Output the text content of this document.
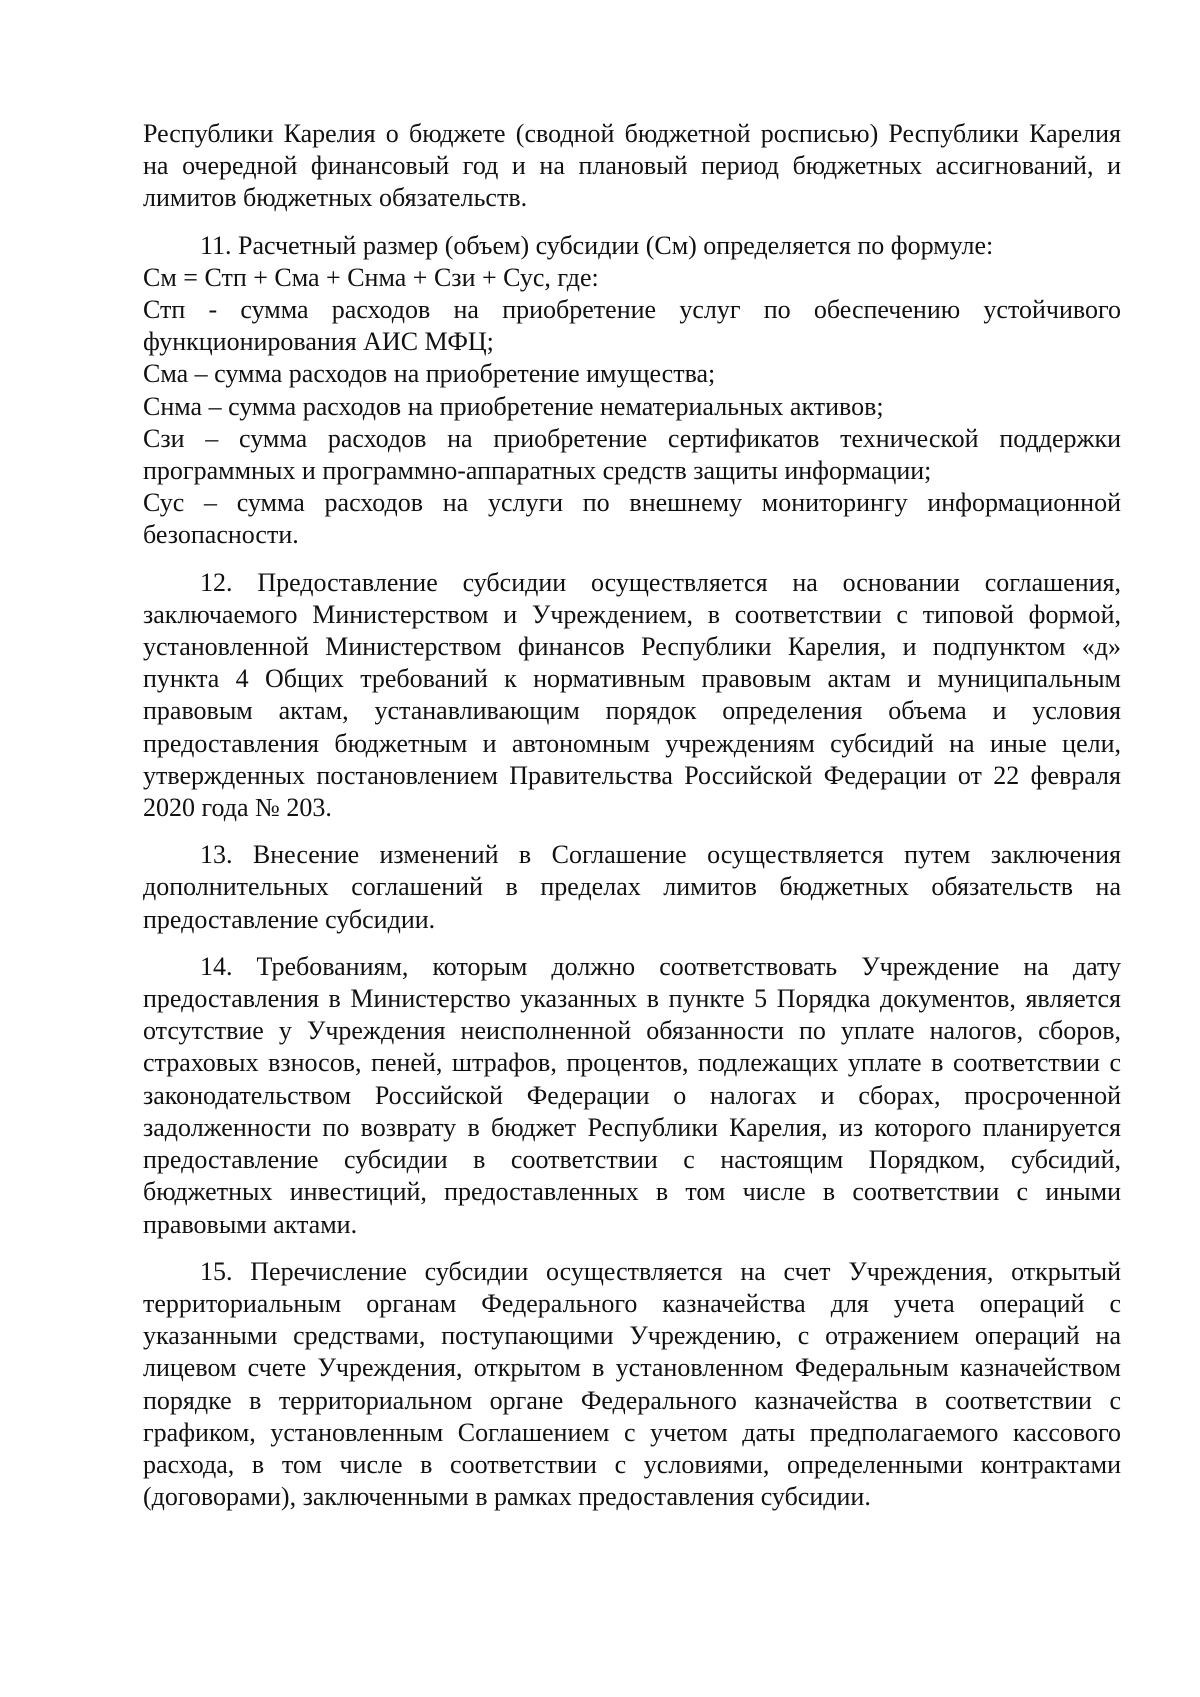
Республики Карелия о бюджете (сводной бюджетной росписью) Республики Карелия на очередной финансовый год и на плановый период бюджетных ассигнований, и лимитов бюджетных обязательств.

11. Расчетный размер (объем) субсидии (См) определяется по формуле:

См = Стп + Сма + Снма + Сзи + Сус, где:

Стп - сумма расходов на приобретение услуг по обеспечению устойчивого функционирования АИС МФЦ;

Сма – сумма расходов на приобретение имущества;

Снма – сумма расходов на приобретение нематериальных активов;

Сзи – сумма расходов на приобретение сертификатов технической поддержки программных и программно-аппаратных средств защиты информации;

Сус – сумма расходов на услуги по внешнему мониторингу информационной безопасности.

12. Предоставление субсидии осуществляется на основании соглашения, заключаемого Министерством и Учреждением, в соответствии с типовой формой, установленной Министерством финансов Республики Карелия, и подпунктом «д» пункта 4 Общих требований к нормативным правовым актам и муниципальным правовым актам, устанавливающим порядок определения объема и условия предоставления бюджетным и автономным учреждениям субсидий на иные цели, утвержденных постановлением Правительства Российской Федерации от 22 февраля 2020 года № 203.

13. Внесение изменений в Соглашение осуществляется путем заключения дополнительных соглашений в пределах лимитов бюджетных обязательств на предоставление субсидии.

14. Требованиям, которым должно соответствовать Учреждение на дату предоставления в Министерство указанных в пункте 5 Порядка документов, является отсутствие у Учреждения неисполненной обязанности по уплате налогов, сборов, страховых взносов, пеней, штрафов, процентов, подлежащих уплате в соответствии с законодательством Российской Федерации о налогах и сборах, просроченной задолженности по возврату в бюджет Республики Карелия, из которого планируется предоставление субсидии в соответствии с настоящим Порядком, субсидий, бюджетных инвестиций, предоставленных в том числе в соответствии с иными правовыми актами.

15. Перечисление субсидии осуществляется на счет Учреждения, открытый территориальным органам Федерального казначейства для учета операций с указанными средствами, поступающими Учреждению, с отражением операций на лицевом счете Учреждения, открытом в установленном Федеральным казначейством порядке в территориальном органе Федерального казначейства в соответствии с графиком, установленным Соглашением с учетом даты предполагаемого кассового расхода, в том числе в соответствии с условиями, определенными контрактами (договорами), заключенными в рамках предоставления субсидии.
